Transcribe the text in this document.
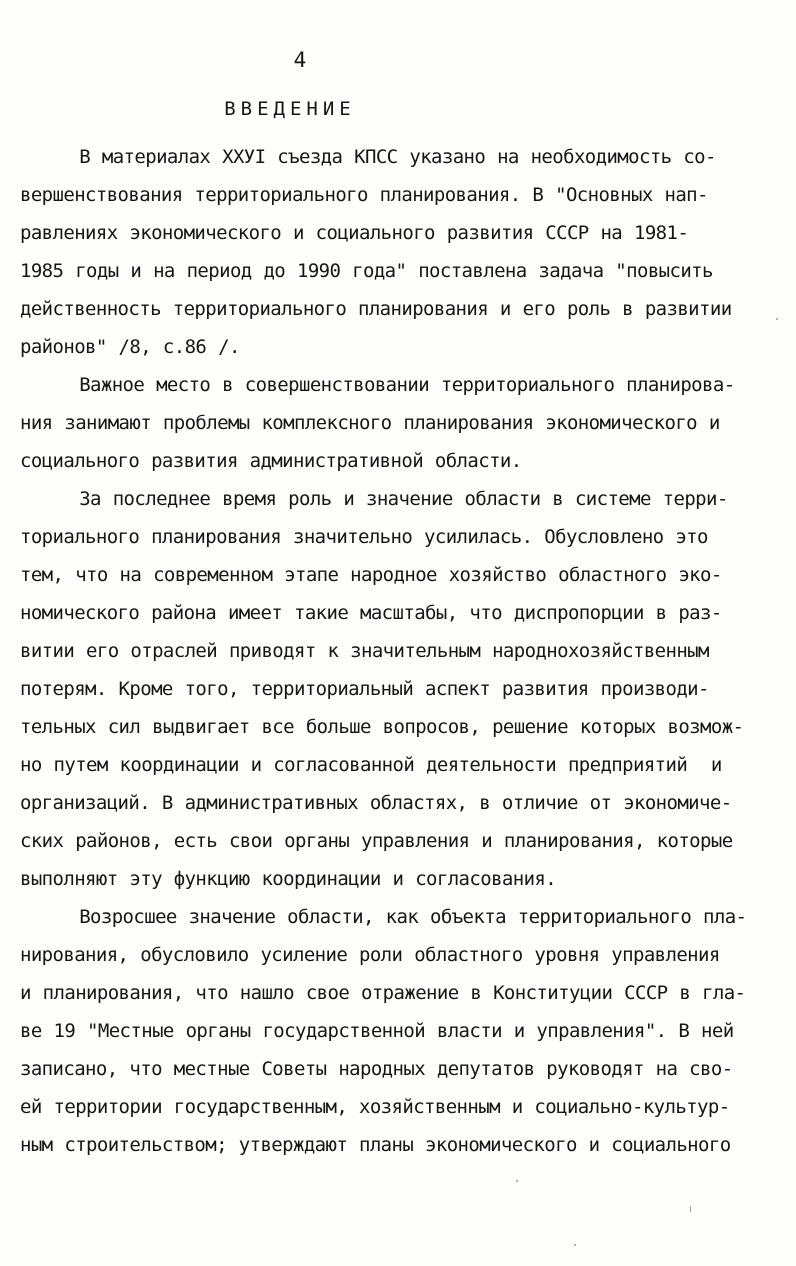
4
ВВЕДЕНИЕ
В материалах ХХУI съезда КПСС указано на необходимость со-
вершенствования территориального планирования. В "Основных нап-
равлениях экономического и социального развития СССР на 1981-
1985 годы и на период до 1990 года" поставлена задача "повысить
действенность территориального планирования и его роль в развитии
районов" /8, с.86 /.
Важное место в совершенствовании территориального планирова-
ния занимают проблемы комплексного планирования экономического и
социального развития административной области.
За последнее время роль и значение области в системе терри-
ториального планирования значительно усилилась. Обусловлено это
тем, что на современном этапе народное хозяйство областного эко-
номического района имеет такие масштабы, что диспропорции в раз-
витии его отраслей приводят к значительным народнохозяйственным
потерям. Кроме того, территориальный аспект развития производи-
тельных сил выдвигает все больше вопросов, решение которых возмож-
но путем координации и согласованной деятельности предприятий  и
организаций. В административных областях, в отличие от экономиче-
ских районов, есть свои органы управления и планирования, которые
выполняют эту функцию координации и согласования.
Возросшее значение области, как объекта территориального пла-
нирования, обусловило усиление роли областного уровня управления
и планирования, что нашло свое отражение в Конституции СССР в гла-
ве 19 "Местные органы государственной власти и управления". В ней
записано, что местные Советы народных депутатов руководят на сво-
ей территории государственным, хозяйственным и социально-культур-
ным строительством; утверждают планы экономического и социального
